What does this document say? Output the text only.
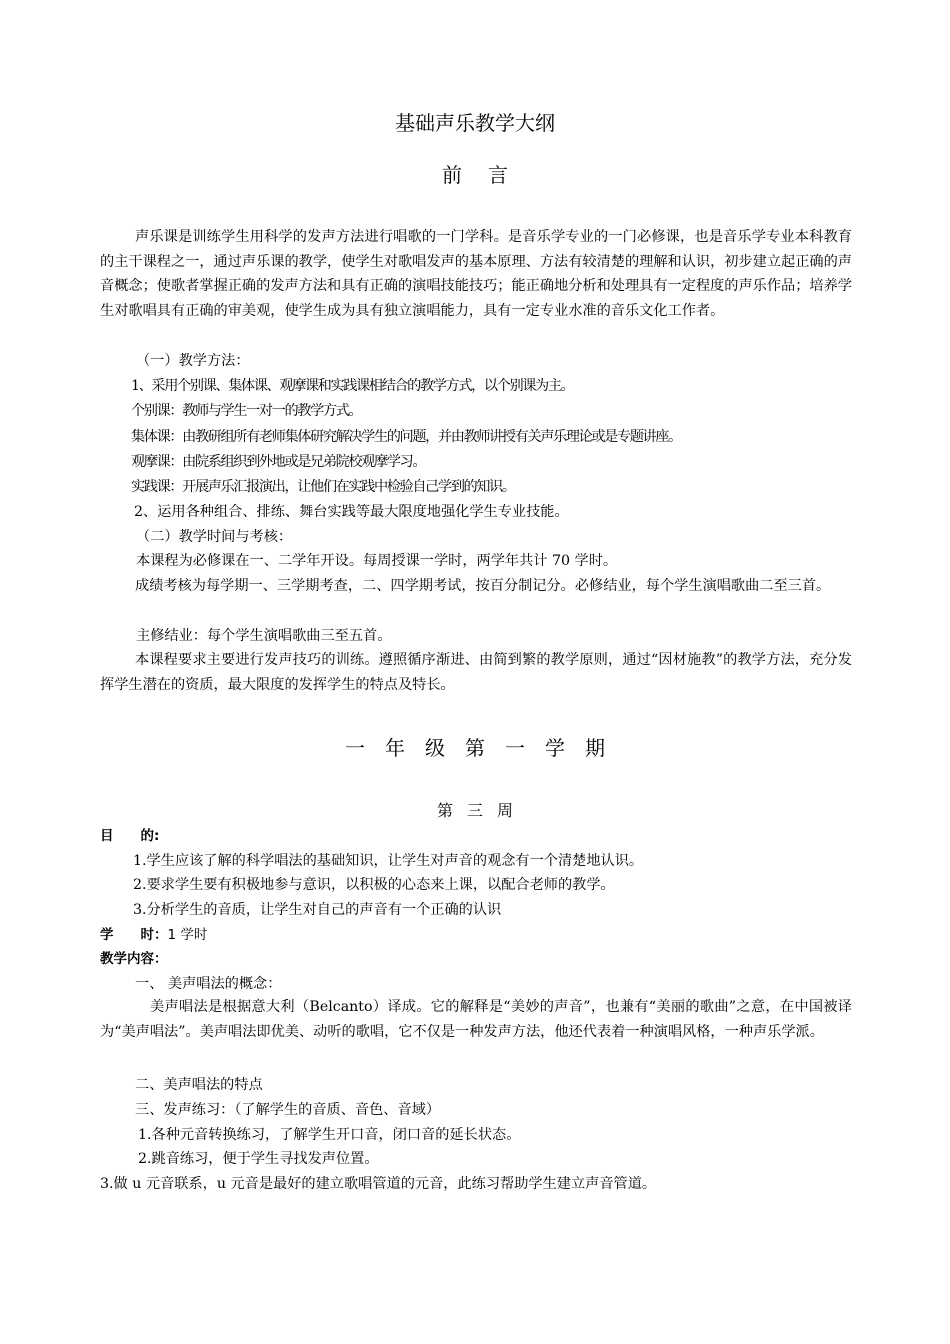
基础声乐教学大纲
前言
声乐课是训练学生用科学的发声方法进行唱歌的一门学科。是音乐学专业的一门必修课，也是音乐学专业本科教育的主干课程之一，通过声乐课的教学，使学生对歌唱发声的基本原理、方法有较清楚的理解和认识，初步建立起正确的声音概念；使歌者掌握正确的发声方法和具有正确的演唱技能技巧；能正确地分析和处理具有一定程度的声乐作品；培养学生对歌唱具有正确的审美观，使学生成为具有独立演唱能力，具有一定专业水准的音乐文化工作者。
（一）教学方法：
1、采用个别课、集体课、观摩课和实践课相结合的教学方式，以个别课为主。
个别课：教师与学生一对一的教学方式。
集体课：由教研组所有老师集体研究解决学生的问题，并由教师讲授有关声乐理论或是专题讲座。
观摩课：由院系组织到外地或是兄弟院校观摩学习。
实践课：开展声乐汇报演出，让他们在实践中检验自己学到的知识。
2、运用各种组合、排练、舞台实践等最大限度地强化学生专业技能。
（二）教学时间与考核：
本课程为必修课在一、二学年开设。每周授课一学时，两学年共计 70 学时。
成绩考核为每学期一、三学期考查，二、四学期考试，按百分制记分。必修结业，每个学生演唱歌曲二至三首。
主修结业：每个学生演唱歌曲三至五首。
本课程要求主要进行发声技巧的训练。遵照循序渐进、由简到繁的教学原则，通过“因材施教”的教学方法，充分发挥学生潜在的资质，最大限度的发挥学生的特点及特长。
一年级第一学期
第三周
目　　的:
1.学生应该了解的科学唱法的基础知识，让学生对声音的观念有一个清楚地认识。
2.要求学生要有积极地参与意识，以积极的心态来上课，以配合老师的教学。
3.分析学生的音质，让学生对自己的声音有一个正确的认识
学　　时：1 学时
教学内容：
一、 美声唱法的概念：
美声唱法是根据意大利（Belcanto）译成。它的解释是“美妙的声音”，也兼有“美丽的歌曲”之意，在中国被译为“美声唱法”。美声唱法即优美、动听的歌唱，它不仅是一种发声方法，他还代表着一种演唱风格，一种声乐学派。
二、美声唱法的特点
三、发声练习：（了解学生的音质、音色、音域）
1.各种元音转换练习，了解学生开口音，闭口音的延长状态。
2.跳音练习，便于学生寻找发声位置。
3.做 u 元音联系，u 元音是最好的建立歌唱管道的元音，此练习帮助学生建立声音管道。
